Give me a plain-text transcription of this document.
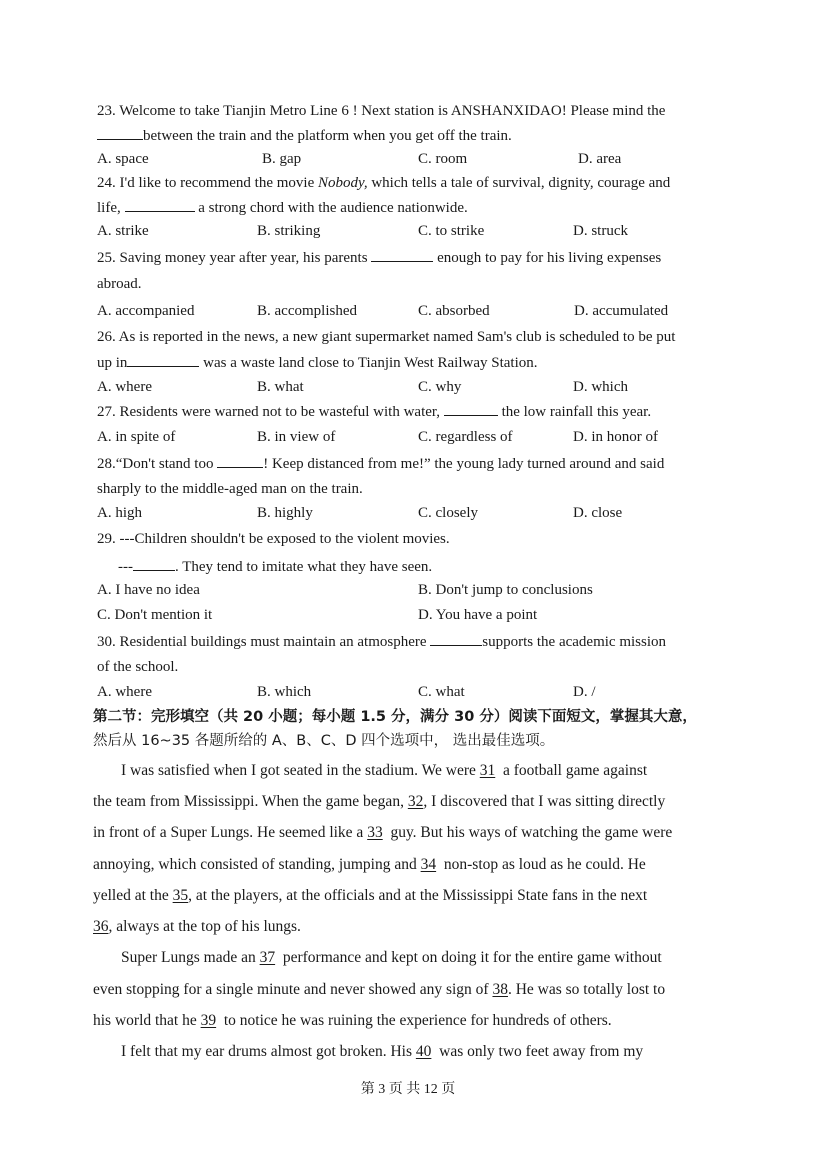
23. Welcome to take Tianjin Metro Line 6 ! Next station is ANSHANXIDAO! Please mind the
between the train and the platform when you get off the train.
A. space	B. gap	C. room	D. area
24. I'd like to recommend the movie Nobody, which tells a tale of survival, dignity, courage and
life,	a strong chord with the audience nationwide.
A. strike	B. striking	C. to strike	D. struck
25. Saving money year after year, his parents	enough to pay for his living expenses
abroad.
A. accompanied	B. accomplished	C. absorbed	D. accumulated
26. As is reported in the news, a new giant supermarket named Sam's club is scheduled to be put
up in	was a waste land close to Tianjin West Railway Station.
A. where	B. what	C. why	D. which
27. Residents were warned not to be wasteful with water,	the low rainfall this year.
A. in spite of	B. in view of	C. regardless of	D. in honor of
28.“Don't stand too	! Keep distanced from me!” the young lady turned around and said
sharply to the middle-aged man on the train.
A. high	B. highly	C. closely	D. close
29. ---Children shouldn't be exposed to the violent movies.
---	. They tend to imitate what they have seen.
A. I have no idea	B. Don't jump to conclusions
C. Don't mention it	D. You have a point
30. Residential buildings must maintain an atmosphere	supports the academic mission
of the school.
A. where	B. which	C. what	D. /
第二节：完形填空（共 20 小题；每小题 1.5 分，满分 30 分）阅读下面短文，掌握其大意，
然后从 16~35 各题所给的 A、B、C、D 四个选项中， 选出最佳选项。
I was satisfied when I got seated in the stadium. We were 31 a football game against
the team from Mississippi. When the game began, 32, I discovered that I was sitting directly
in front of a Super Lungs. He seemed like a 33 guy. But his ways of watching the game were
annoying, which consisted of standing, jumping and 34 non-stop as loud as he could. He
yelled at the 35, at the players, at the officials and at the Mississippi State fans in the next
36, always at the top of his lungs.
Super Lungs made an 37 performance and kept on doing it for the entire game without
even stopping for a single minute and never showed any sign of 38. He was so totally lost to
his world that he 39 to notice he was ruining the experience for hundreds of others.
I felt that my ear drums almost got broken. His 40 was only two feet away from my
第 3 页 共 12 页
